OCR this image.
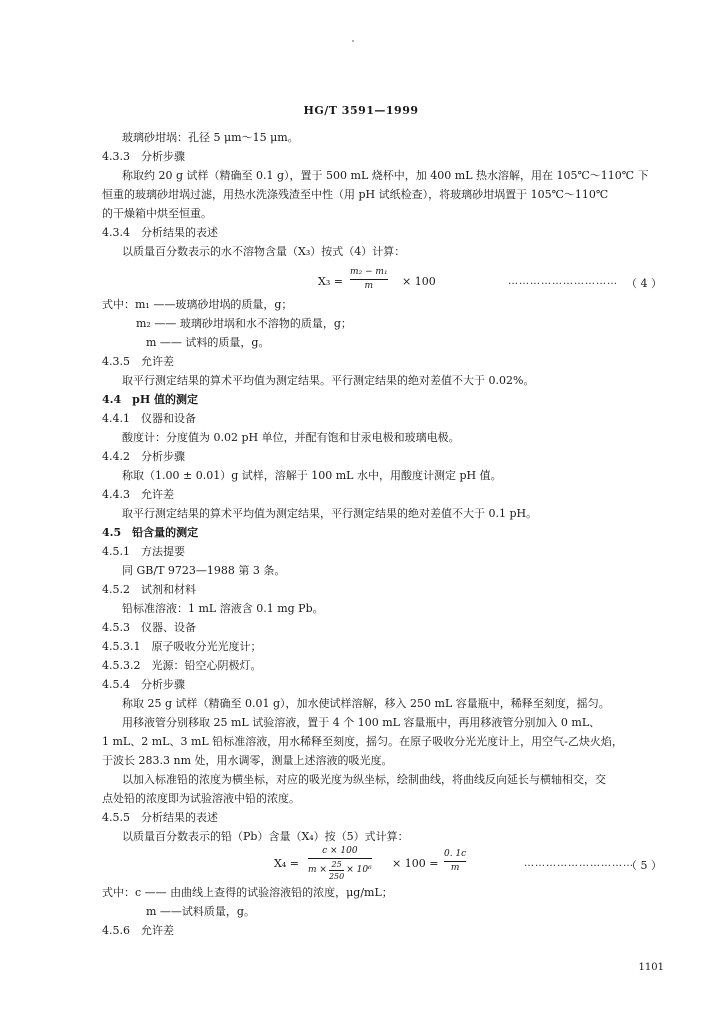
HG/T 3591—1999
玻璃砂坩埚：孔径 5 μm～15 μm。
4.3.3　分析步骤
称取约 20 g 试样（精确至 0.1 g），置于 500 mL 烧杯中，加 400 mL 热水溶解，用在 105℃～110℃ 下
恒重的玻璃砂坩埚过滤，用热水洗涤残渣至中性（用 pH 试纸检查），将玻璃砂坩埚置于 105℃～110℃
的干燥箱中烘至恒重。
4.3.4　分析结果的表述
以质量百分数表示的水不溶物含量（X₃）按式（4）计算：
X₃ =
m₂ − m₁
m	× 100	………………………… （ 4 ）
式中：m₁ ——玻璃砂坩埚的质量，g；
m₂ —— 玻璃砂坩埚和水不溶物的质量，g；
m —— 试料的质量，g。
4.3.5　允许差
取平行测定结果的算术平均值为测定结果。平行测定结果的绝对差值不大于 0.02%。
4.4　pH 值的测定
4.4.1　仪器和设备
酸度计：分度值为 0.02 pH 单位，并配有饱和甘汞电极和玻璃电极。
4.4.2　分析步骤
称取（1.00 ± 0.01）g 试样，溶解于 100 mL 水中，用酸度计测定 pH 值。
4.4.3　允许差
取平行测定结果的算术平均值为测定结果，平行测定结果的绝对差值不大于 0.1 pH。
4.5　铅含量的测定
4.5.1　方法提要
同 GB/T 9723—1988 第 3 条。
4.5.2　试剂和材料
铅标准溶液：1 mL 溶液含 0.1 mg Pb。
4.5.3　仪器、设备
4.5.3.1　原子吸收分光光度计；
4.5.3.2　光源：铅空心阴极灯。
4.5.4　分析步骤
称取 25 g 试样（精确至 0.01 g），加水使试样溶解，移入 250 mL 容量瓶中，稀释至刻度，摇匀。
用移液管分别移取 25 mL 试验溶液，置于 4 个 100 mL 容量瓶中，再用移液管分别加入 0 mL、
1 mL、2 mL、3 mL 铅标准溶液，用水稀释至刻度，摇匀。在原子吸收分光光度计上，用空气-乙炔火焰，
于波长 283.3 nm 处，用水调零，测量上述溶液的吸光度。
以加入标准铅的浓度为横坐标，对应的吸光度为纵坐标，绘制曲线，将曲线反向延长与横轴相交，交
点处铅的浓度即为试验溶液中铅的浓度。
4.5.5　分析结果的表述
以质量百分数表示的铅（Pb）含量（X₄）按（5）式计算：
X₄ =
c × 100
m ×
25
250
× 10⁶ × 100 =
0. 1c
m	…………………………
（ 5 ）
式中：c —— 由曲线上查得的试验溶液铅的浓度，μg/mL；
m ——试料质量，g。
4.5.6　允许差
1101
